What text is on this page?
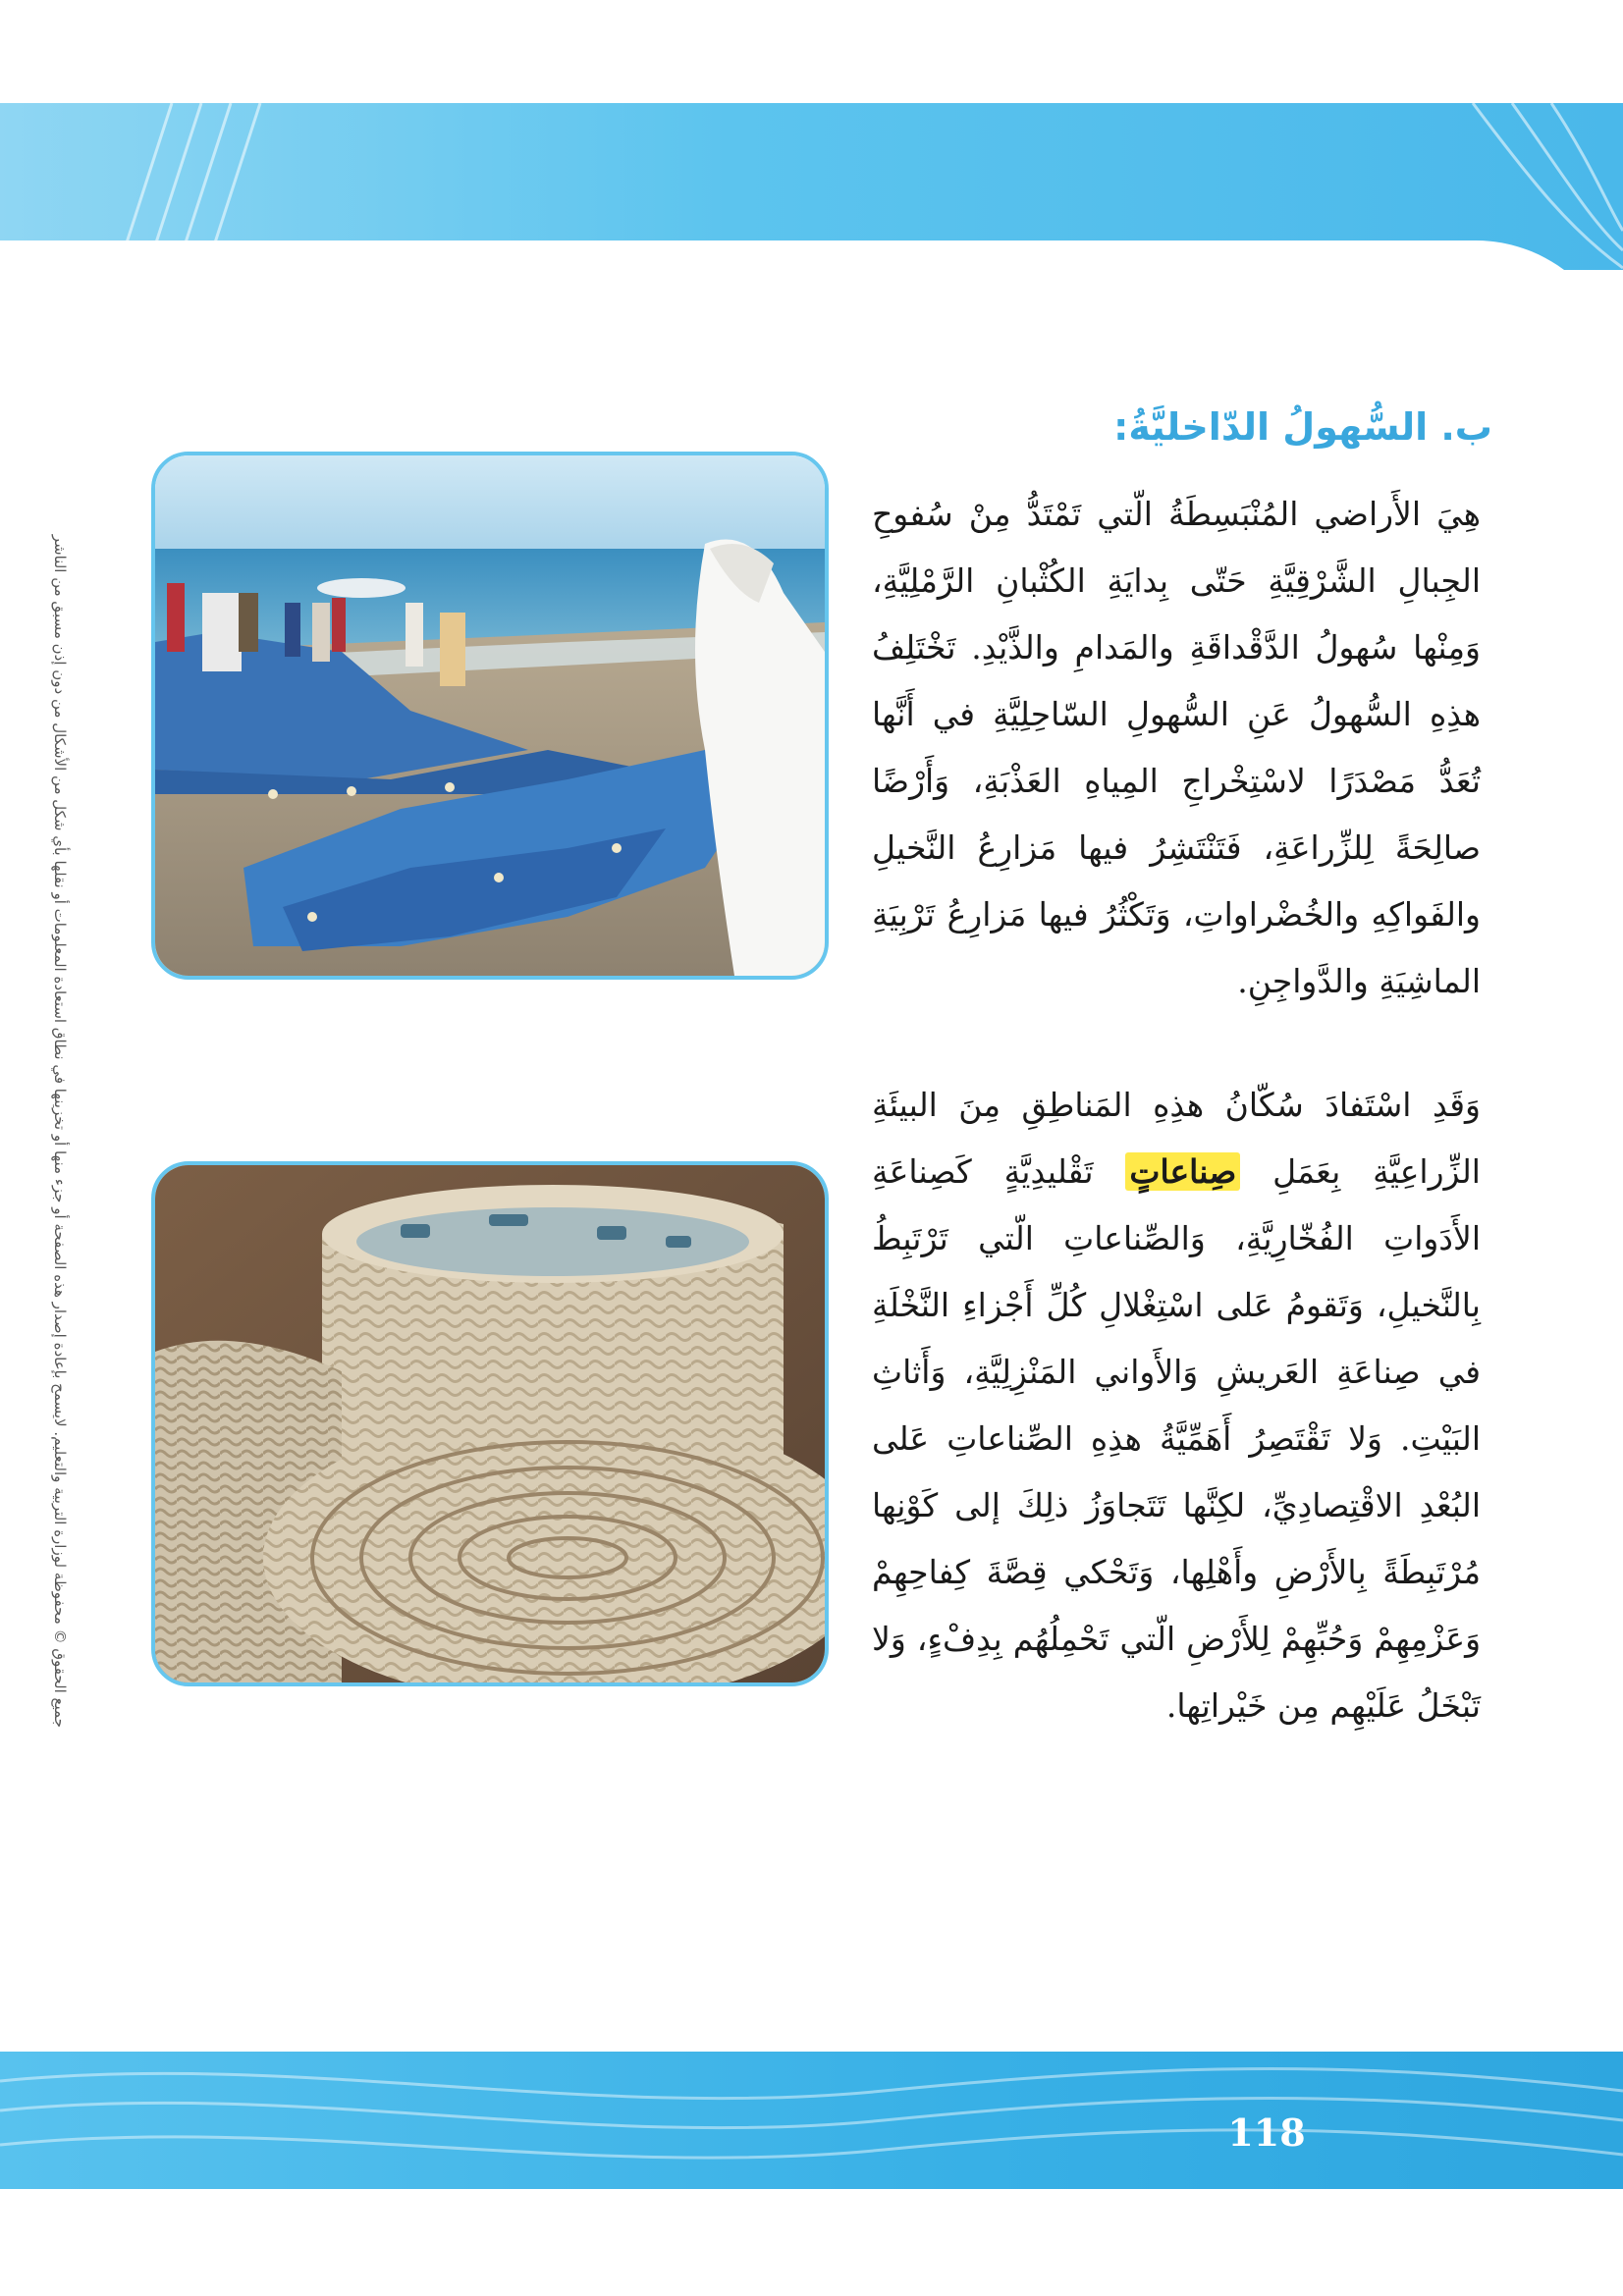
جميع الحقوق © محفوظة لوزارة التربية والتعليم. لايسمح بإعادة إصدار هذه الصفحة أو جزء منها أو تخزينها في نطاق استعادة المعلومات أو نقلها بأي شكل من الأشكال من دون إذن مسبق من الناشر
ب. السُّهولُ الدّاخليَّةُ:
هِيَ الأَراضي المُنْبَسِطَةُ الّتي تَمْتَدُّ مِنْ سُفوحِ الجِبالِ الشَّرْقِيَّةِ حَتّى بِدايَةِ الكُثْبانِ الرَّمْلِيَّةِ، وَمِنْها سُهولُ الدَّقْداقَةِ والمَدامِ والذَّيْدِ. تَخْتَلِفُ هذِهِ السُّهولُ عَنِ السُّهولِ السّاحِلِيَّةِ في أَنَّها تُعَدُّ مَصْدَرًا لاسْتِخْراجِ المِياهِ العَذْبَةِ، وَأَرْضًا صالِحَةً لِلزِّراعَةِ، فَتَنْتَشِرُ فيها مَزارِعُ النَّخيلِ والفَواكِهِ والخُضْراواتِ، وَتَكْثُرُ فيها مَزارِعُ تَرْبِيَةِ الماشِيَةِ والدَّواجِنِ.
وَقَدِ اسْتَفادَ سُكّانُ هذِهِ المَناطِقِ مِنَ البيئَةِ الزِّراعِيَّةِ بِعَمَلِ صِناعاتٍ تَقْليدِيَّةٍ كَصِناعَةِ الأَدَواتِ الفُخّارِيَّةِ، وَالصِّناعاتِ الّتي تَرْتَبِطُ بِالنَّخيلِ، وَتَقومُ عَلى اسْتِغْلالِ كُلِّ أَجْزاءِ النَّخْلَةِ في صِناعَةِ العَريشِ وَالأَواني المَنْزِلِيَّةِ، وَأَثاثِ البَيْتِ. وَلا تَقْتَصِرُ أَهَمِّيَّةُ هذِهِ الصِّناعاتِ عَلى البُعْدِ الاقْتِصادِيِّ، لكِنَّها تَتَجاوَزُ ذلِكَ إلى كَوْنِها مُرْتَبِطَةً بِالأَرْضِ وأَهْلِها، وَتَحْكي قِصَّةَ كِفاحِهِمْ وَعَزْمِهِمْ وَحُبِّهِمْ لِلأَرْضِ الّتي تَحْمِلُهُم بِدِفْءٍ، وَلا تَبْخَلُ عَلَيْهِم مِن خَيْراتِها.
118
